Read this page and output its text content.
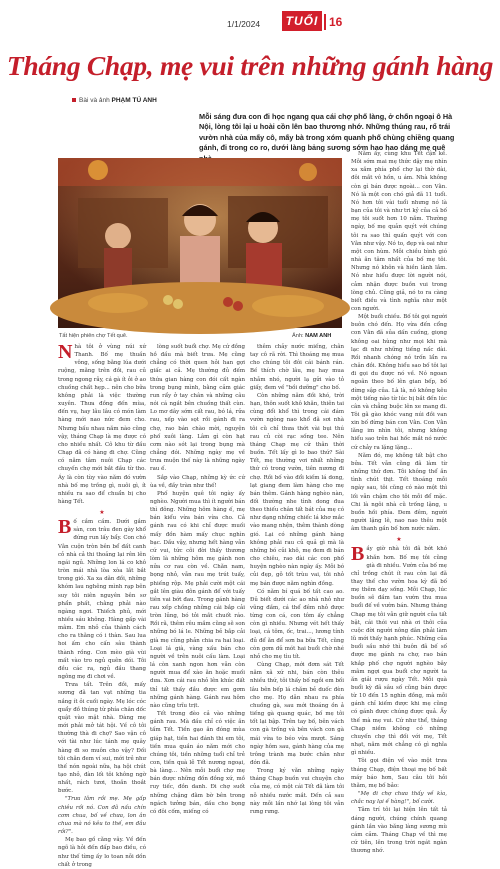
1/1/2024	TUỔI TRẺ
16
Tháng Chạp, mẹ vui trên những gánh hàng
Bài và ảnh PHẠM TÚ ANH
Mỗi sáng đưa con đi học ngang qua cái chợ phố làng, ở chốn ngoại ô Hà Nội, lòng tôi lại u hoài cồn lên bao thương nhớ. Những thúng rau, rổ trái vườn nhà của mấy cô, mấy bà trong xóm quanh phố chùng chiềng quang gánh, đi trong co ro, dưới làng bảng sương sớm hao hao dáng mẹ quê
Tất hiện phiên chợ Tết quê.	Ảnh: NAM ANH

Nhà tôi ở vùng núi xứ Thanh. Bố mẹ thuần vông, sống bằng lúa dưới ruộng, măng trên đồi, rau củ trong ngong rẫy, cá gà ít ỏi ở ao chuồng chất hẹp... nên cho bữa không phải là việc thường xuyên. Thưa đồng đến mùa, đến vụ, hay lâu lâu có món làm hàng mới nao nức đem cho. Nhưng bấu nhau năm nào cũng vậy, tháng Chạp là mẹ được có cho nhiều nhất. Cô khu từ đầu Chạp đã có hàng đi chợ. Cũng có năm tâm nuôi Chạp các chuyến chợ mới bắt đầu từ tho. Áy là còn tùy vào năm đó vườn nhà bố mẹ trồng gì, nuôi gì, ít nhiều ra sao để chuẩn bị cho hàng Tết.

★

Bố cầm cầm. Dưới gầm sàn, con trâu đen gày khổ đứng run lấy bẩy. Con chó Vằn cuộn tròn bên bể đất canh cỏ nhà cả thi thoảng lại rên lên ngái ngủ. Những lon lá co khô tròn mái nhà lòa xòa lắt bắt trong gió. Xa xa dãn đồi, những khóm lau nghêng mình rạp bên suy tôi niên nguyên bên sơ phẩn phất, chằng phải nào ngàng ngơi. Thiếch phủ, mới nhiều sáu không. Hàng gấp vài mâm. Em nhỏ của thành cách cho ra thằng có i thàn. Sau lua hoi ấm cho cấn sâu thành thành rồng. Con mèo già vùi mất vào tro ngủ quên dói. Tôi đều các ra, ngủ đầu thang ngông mẹ đi chơi về.

Trưa tất. Trên đồi, mấy sương đã tan vạt những tia nắng ít ỏi cuối ngày. Mẹ lóc cóc quẩy đồ thúng từ phía chân dốc quật vào mặt nhà. Đàng mẹ mới phải mở tát hội. Về cô tôi thường thà đi chợ? Sao vận cô với tài như lúc tánh mẹ quây hàng đi so muôn cho vậy? Đối tôi chăn đem ví sui, mới trẻ như thế nón ngoài nữa, hạ hội chút tạo nhỏ, đàn lối tôi không ngờ nhất, rách tươi, thoắn thoắt bước.

"Trưa lăm rồi mẹ. Mẹ gấp chiêu rồi nó. Con đã nấu chín cơm chua, bố về chưa, lon ân chua mà nó kêu to thế, em đâu rồi?".

Mẹ bao gồ căng vây. Về đến ngõ là hỏi đến đấp bao điều, có như thế từng ấy lo toan nỗi dồn chất ở trong

lòng suốt buổi chợ. Mẹ cứ đồng hồ đầu mà biết trưa. Mẹ cũng chẳng có thời quen hỏi han gợi giấc ai cả. Mẹ thường đủ đếm thứa gian hàng con đói cất ngàn trong bụng mình, bằng cảm giác run rẩy ở tay chân và những câu nói cá ngắt bên chuồng thất cùn. Lo mơ dây sớm cất rau, bó lá, rửa rau, xếp vào sọt rồi gánh đi ra chợ, rao bán chào mời, nguyện phố xuôi làng. Lâm gì còn hạt cơm nào sót lại trong bụng mà chẳng đói. Những ngày mẹ về trưa muộn thế này là những ngày rau ế.

Sắp vào Chạp, những kỳ ức cứ ùa về, đầy tràn như thế!

Phố huyện quê tôi ngày ấy nghèo. Người mua thì ít người bán thì đông. Những hôm hàng ế, mẹ bán kiểu vừa bán vừa cho. Cả gánh rau có khi chỉ được muối mấy đồn hàm mấy chục nghìn bạc. Dầu vậy, nhưng hết hàng vẫn cứ vui, tức cõi đời thấy thương lòm là những hôm mẹ gánh non nửa cơ rau còn về. Chăn nam, bọng nhỏ, vẫn rau mẹ trút tuấy, phiếng rộp. Mẹ phải cười một cái gắt lên giàu đôn gánh để với tuấy tiên vai bớt đau. Trong gánh hàng rau xếp chồng những cái bắp cải tròn lủng, bó tỏi mắt chuốt ráo. Rồi rã, thêm rêu mắm cũng sẽ son những bó lá le. Những bẻ bắp cải già mẹ cũng phản chia ra hai loại. Loại lá già, vàng xấu bán cho người về trên nuôi cấu làm. Loại lá còn xanh ngon hơn vẫn còn người mua để xào ăn hoặc muối dưa. Xơn cái rau nhỏ lên khúc đất thỉ tất thấy đầu được em gơm những gánh hàng. Gánh rau hôm nào cũng trĩu trịt.

Tết trong đèo cả vào những gánh rau. Mà đầu chỉ có việc ăn tấm Tết. Tiền gạo ăn đóng mùa giáp hạt, tiền hai đánh thi em tôi, tiền mua quần áo năm mới cho chúng tôi, tiền những tuổi chỉ trẻ con, tiền quà lễ Tết nương ngoại, bà làng... Nên mỗi buổi chợ mẹ bán được những đồn đồng xứ, mồ ruy tiếc, đồn danh. Đi chợ suốt những chặng đằm bờ bên trong ngách tưởng bán, dầu cho bọng có đôi cốm, miếng có

thêm chảy nước miếng, chân tay cô rã rời. Thì thoáng mẹ mua cho chúng tôi đôi cái bánh rán. Bề thích chờ lâu, mẹ hay mua nhẫm nhó, người lạ gửi vào tỏ giấy, đem về "bồi dưỡng" cho bố.

Còn những năm đồi khó, trời hạn, thôn suốt khô khăn, thiên tai cùng đổi khổ thì trong cái đám vườn ngòng nao khổ đã sơi nhà tôi cũ chỉ thưa thớt vài bụi thú rau củ còi rạc sống tee. Nên tháng Chạp mẹ cứ thân thời buồn. Tết lấy gì lo bao thứ? Sài Tết, mẹ thường vơi nhất những thứ có trong vườn, tiên nương đi chợ. Rồi bố vào đổi kiếm lá dong, lạt giang đem làm hàng cho mẹ bán thêm. Gánh hàng nghèo nàn, đối thường nhe tình dong đua theo thiếu chân tất bát của mẹ có như dạng những chiếc lá khơ mắc vào mang nhện, thêm thành dòng gió. Lại có những gánh hàng không phải rau củ quả gì mà là những bó củi khô, mẹ đem đi bán cho chiêu, rao dài các con phố huyện nghèo nàn ngày ấy. Mỗi bó củi đẹp, gỗ tốt trùu vai, tôi nhỏ mẹ bán được năm nghìn đồng.

Có năm bí quá bố tất cao ao. Đủ biết dưới các ao nhà nhỏ như vũng đầm, cá thể đêm nhỏ được từng con cá, con tôm ấy chẳng còn gì nhiều. Nhưng vét hết thấy loại, cá tôm, ốc, trai..., lương tính đủ để ăn để sơn ba bữa Tết, cũng còn gơm dủ mót hai buổi chờ nhé nhỏ cho mẹ tìu tít.

Cùng Chạp, mới đơm sát Tết năm xã xứ nhi, bán còn thêu nhiều thứ, tôi thấy bố ngồi em bối lâu bên bếp lá chăm bẻ duốc đèn cho mẹ. Họ dẫn nhau ra phía chuồng gà, sau mới thoáng ồn ả tiếng gà quang quác, bố mẹ tôi tốt lại bập. Trên tay bố, bên vách con gà trống và bên vách con gà mái vừa to béo vừa mượt. Sáng ngày hôm sau, gánh hàng của mẹ trông trành mạ bước chân như đón đã.

Trong ký văn những ngày tháng Chạp buồn vui chuyện cho của mẹ, có một cái Tết đã làm tôi nỗ nhiều nước mắt. Đến cả sau này mỗi lần nhớ lại lòng tôi vẫn rưng rưng.

Năm ấy, cùng khu Tết cận kề. Mỗi sớm mai mẹ thức dậy mẹ nhìn xa xăm phía phố chợ lại thờ dài, đôi mắt vô hồn, u ám. Nhà không còn gì bán được ngoài... con Vằn. Nó là một con chó giả đã 11 tuổi. Nó hơn tôi vài tuổi nhưng nó là bạn của tôi và như tri kỷ của cả bố mẹ tôi suốt hơn 10 năm. Thường ngày, bố mẹ quản quýt với chúng tôi ra sao thì quấn quýt với con Vằn như vậy. Nó to, đẹp và oai như một con hùm. Mỗi chiều bình gió nhà ăn tâm nhất của bố mẹ tôi. Nhưng nó khôn và hiền lành lắm. Nó như hiểu được lời người nói, cảm nhận được buồn vui trong lòng chủ. Cũng giả, nó to ra càng biết điều và tình nghĩa như một con người.

Một buổi chiều. Bố tôi gọi người buôn chó đến. Họ vừa đến cổng con Vằn đã sủa dấn cuồng, giọng không oai hùng như mọi khi mà lạc đi như những tiếng nấc dài. Rồi nhanh chóng nó trốn lẩn ra chân đồi. Không hiểu sao bố tôi lại đi gọi du được nó về. Nó ngoan ngoãn theo bố lên gian bếp, bố dừng sập của. Là là, nó không kêu một tiếng nào từ lúc bị bắt đến lúc cân và chẳng buộc lên xe mang đi. Tôi gã gào khóc vang núi đồi van xin bố đừng bán con Vằn. Con Vằn lăng im nhìn tôi, nhưng không hiểu sao trên hai hốc mắt nó nước cứ chảy ra lặng lặng...

Năm đó, mẹ không tất bật cho bửa. Tết vẫn cũng đã làm từ những thứ đơn. Tôi không thể ăn tình chút thịt. Tết thoáng mỗi ngày sau, tôi cũng có nào một thì lối vẫn chậm cho tôi mỗi để mặc. Chi là ngôi nhà cũ trống lặng, u buồn hồi phía. Đem đêm, người người lặng lẽ, nao nao thêu một âm thanh gần bố hơn nước năm.

★

Bầy giờ nhà tôi đã bớt khó khăn hơn. Bố mẹ tôi cũng già đi nhiều. Vườn của bố mẹ chỉ trồng chút ít rau còn lại đã thay thế cho vườn hoa kỳ đã bố mẹ thêm dạy sống. Mỗi Chạp, lúc buồn sẽ đầm tan vườn thu mua buổi đế về vườn bán. Nhưng tháng Chạp mẹ tôi vẫn giữ người của tất bật, cái thói vui nhà ơi thôi của cuộc đời người nông dân phải làm lũ mới thấy hạnh phúc. Những của buổi sầu nhớ thì buôn đã bế số được mẹ gánh ra chợ, rao bán khắp phố chợ người nghèo bây mâm ngợi qua buổi chợ người ta ăn giải rượu ngày Tết. Mỗi quà buổi kỳ đã sâu số cũng bán được từ 10 đến 15 nghìn đồng, mà mỗi gánh chỉ kiếm được khi mẹ cũng có gánh được chúng được quả. Ấy thế mà mẹ vui. Cứ như thể, tháng Chạp niềm không có những chuyến chợ thì đối với mẹ, Tết nhạt, năm mới chẳng có gì nghĩa gì nhiều.

Tôi gọi điện về vào một trưa tháng Chạp, điện thoại mẹ bố bất máy báo hơn, Sau câu tôi hỏi thăm, mẹ bố bảo:

"Mẹ đi chợ chưa thấy về kìa, chắc nay lại ế hàng!", bố cười.

Tâm trí tôi lại hiện lên tất tả dáng người, chúng chính quang gánh lần vào băng làng sương mù cám cảm. Tháng Chạp về thì mẹ cứ tiên, lên trong trời ngát ngàn thương nhớ.
